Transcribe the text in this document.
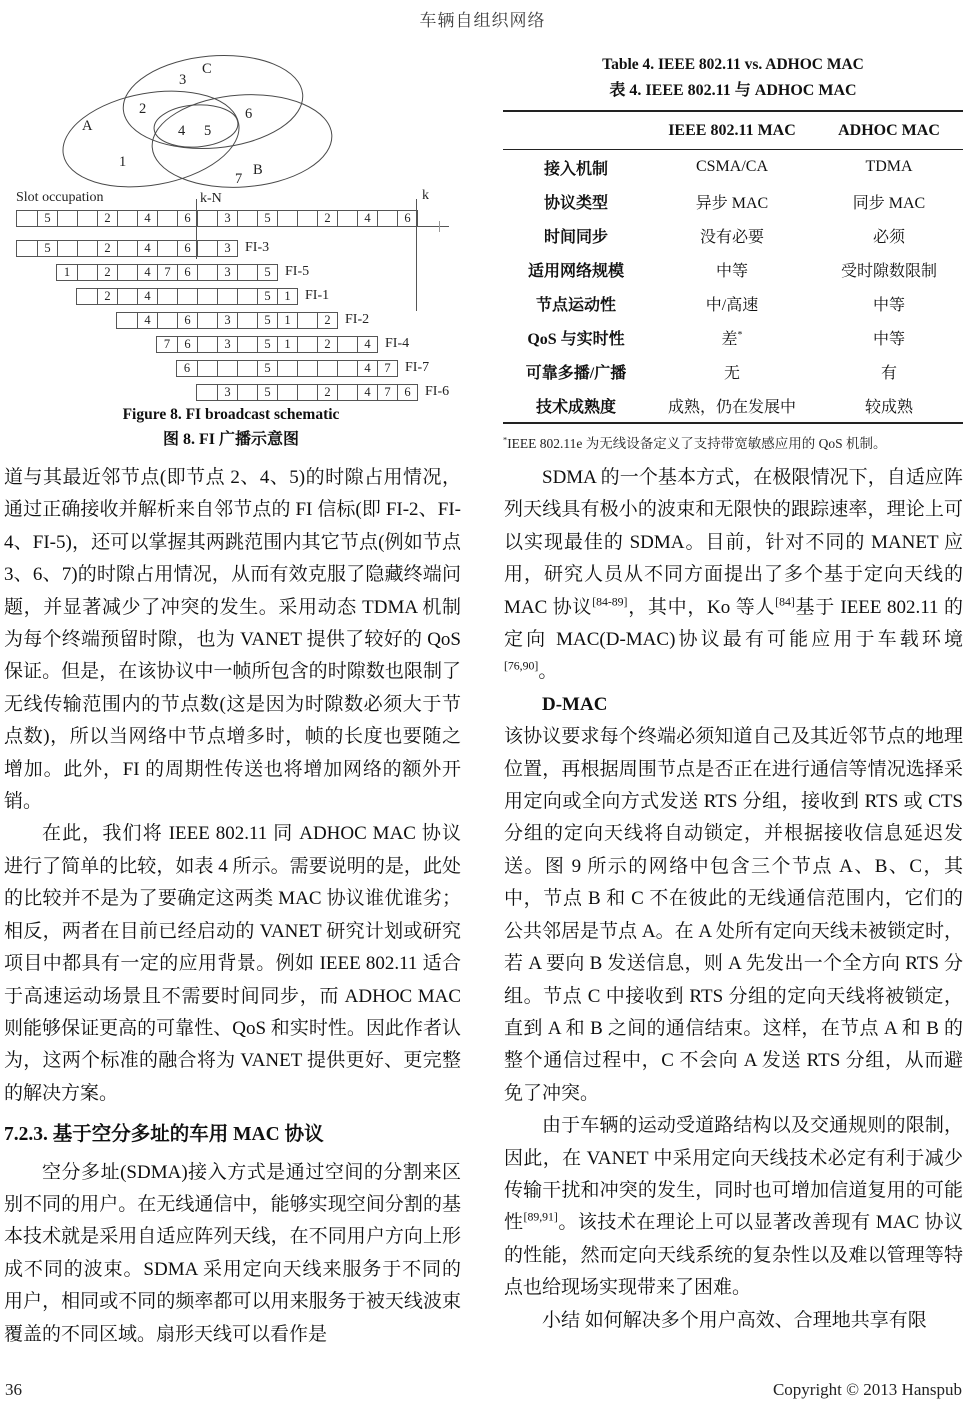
车辆自组织网络
A
C
B
1
2
3
4 5
6
7
Slot occupation	k-N	k
5	2	4	6	3	5	2	4	6
5	2	4	6	3	FI-3
1	2	4	7	6	3	5	FI-5
2	4	5	1	FI-1
4	6	3	5	1	2	FI-2
7	6	3	5	1	2	4	FI-4
6	5	4	7	FI-7
3	5	2	4	7	6	FI-6
Figure 8. FI broadcast schematic
图 8. FI 广播示意图
Table 4. IEEE 802.11 vs. ADHOC MAC
表 4. IEEE 802.11 与 ADHOC MAC
	IEEE 802.11 MAC	ADHOC MAC
接入机制	CSMA/CA	TDMA
协议类型	异步 MAC	同步 MAC
时间同步	没有必要	必须
适用网络规模	中等	受时隙数限制
节点运动性	中/高速	中等
QoS 与实时性	差*	中等
可靠多播/广播	无	有
技术成熟度	成熟，仍在发展中	较成熟
*IEEE 802.11e 为无线设备定义了支持带宽敏感应用的 QoS 机制。

道与其最近邻节点(即节点 2、4、5)的时隙占用情况，通过正确接收并解析来自邻节点的 FI 信标(即 FI-2、FI-4、FI-5)，还可以掌握其两跳范围内其它节点(例如节点 3、6、7)的时隙占用情况，从而有效克服了隐藏终端问题，并显著减少了冲突的发生。采用动态 TDMA 机制为每个终端预留时隙，也为 VANET 提供了较好的 QoS 保证。但是，在该协议中一帧所包含的时隙数也限制了无线传输范围内的节点数(这是因为时隙数必须大于节点数)，所以当网络中节点增多时，帧的长度也要随之增加。此外，FI 的周期性传送也将增加网络的额外开销。

在此，我们将 IEEE 802.11 同 ADHOC MAC 协议进行了简单的比较，如表 4 所示。需要说明的是，此处的比较并不是为了要确定这两类 MAC 协议谁优谁劣；相反，两者在目前已经启动的 VANET 研究计划或研究项目中都具有一定的应用背景。例如 IEEE 802.11 适合于高速运动场景且不需要时间同步，而 ADHOC MAC 则能够保证更高的可靠性、QoS 和实时性。因此作者认为，这两个标准的融合将为 VANET 提供更好、更完整的解决方案。

7.2.3. 基于空分多址的车用 MAC 协议

空分多址(SDMA)接入方式是通过空间的分割来区别不同的用户。在无线通信中，能够实现空间分割的基本技术就是采用自适应阵列天线，在不同用户方向上形成不同的波束。SDMA 采用定向天线来服务于不同的用户，相同或不同的频率都可以用来服务于被天线波束覆盖的不同区域。扇形天线可以看作是

SDMA 的一个基本方式，在极限情况下，自适应阵列天线具有极小的波束和无限快的跟踪速率，理论上可以实现最佳的 SDMA。目前，针对不同的 MANET 应用，研究人员从不同方面提出了多个基于定向天线的 MAC 协议[84-89]，其中，Ko 等人[84]基于 IEEE 802.11 的定向 MAC(D-MAC)协议最有可能应用于车载环境[76,90]。

D-MAC

该协议要求每个终端必须知道自己及其近邻节点的地理位置，再根据周围节点是否正在进行通信等情况选择采用定向或全向方式发送 RTS 分组，接收到 RTS 或 CTS 分组的定向天线将自动锁定，并根据接收信息延迟发送。图 9 所示的网络中包含三个节点 A、B、C，其中，节点 B 和 C 不在彼此的无线通信范围内，它们的公共邻居是节点 A。在 A 处所有定向天线未被锁定时，若 A 要向 B 发送信息，则 A 先发出一个全方向 RTS 分组。节点 C 中接收到 RTS 分组的定向天线将被锁定，直到 A 和 B 之间的通信结束。这样，在节点 A 和 B 的整个通信过程中，C 不会向 A 发送 RTS 分组，从而避免了冲突。

由于车辆的运动受道路结构以及交通规则的限制，因此，在 VANET 中采用定向天线技术必定有利于减少传输干扰和冲突的发生，同时也可增加信道复用的可能性[89,91]。该技术在理论上可以显著改善现有 MAC 协议的性能，然而定向天线系统的复杂性以及难以管理等特点也给现场实现带来了困难。

小结 如何解决多个用户高效、合理地共享有限

36	Copyright © 2013 Hanspub
